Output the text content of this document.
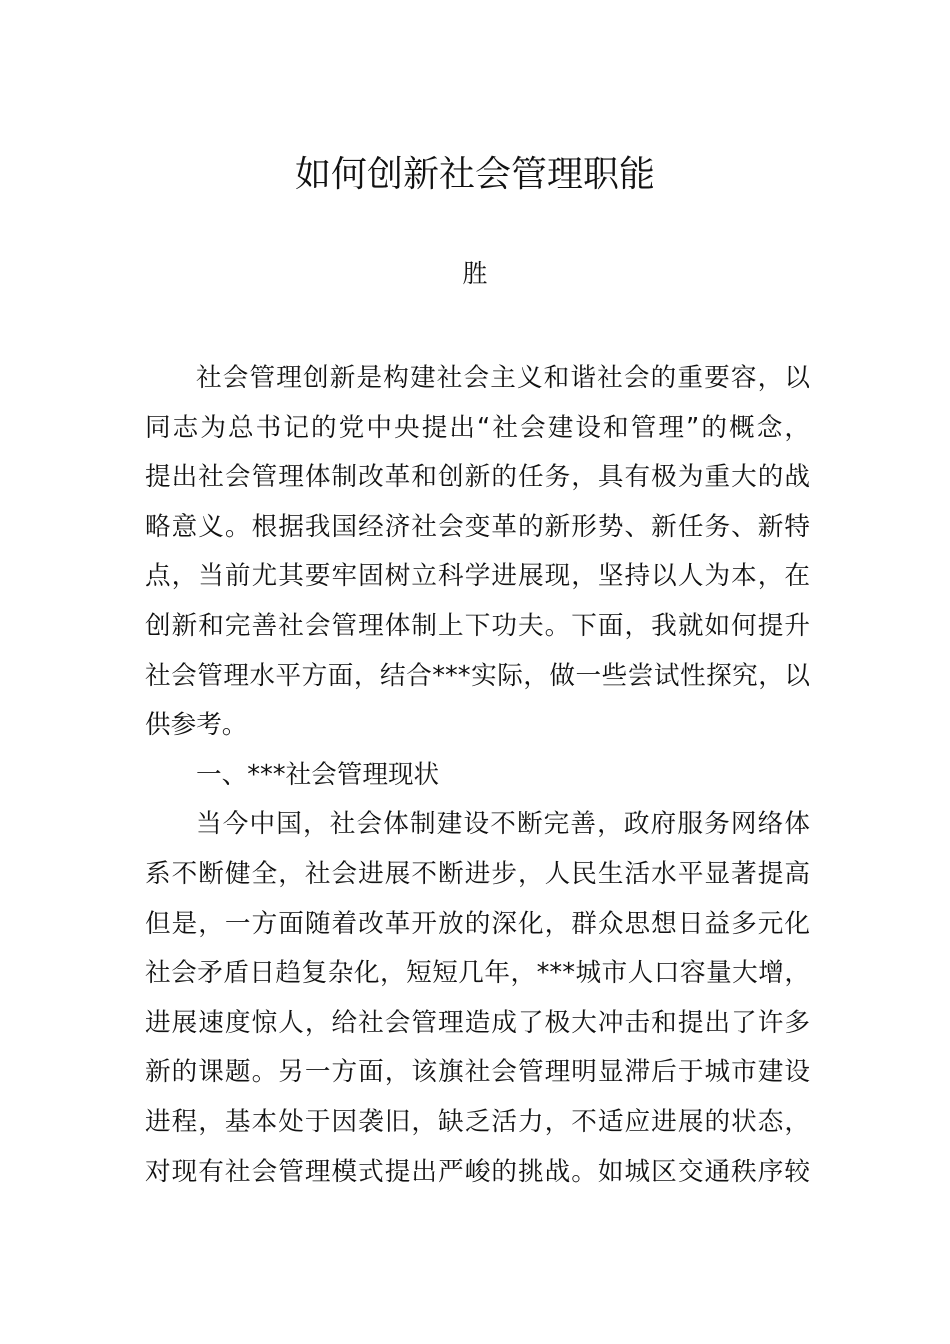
如何创新社会管理职能
胜
社会管理创新是构建社会主义和谐社会的重要容，以
同志为总书记的党中央提出“社会建设和管理”的概念，
提出社会管理体制改革和创新的任务，具有极为重大的战
略意义。根据我国经济社会变革的新形势、新任务、新特
点，当前尤其要牢固树立科学进展现，坚持以人为本，在
创新和完善社会管理体制上下功夫。下面，我就如何提升
社会管理水平方面，结合***实际，做一些尝试性探究，以
供参考。
一、***社会管理现状
当今中国，社会体制建设不断完善，政府服务网络体
系不断健全，社会进展不断进步，人民生活水平显著提高
但是，一方面随着改革开放的深化，群众思想日益多元化
社会矛盾日趋复杂化，短短几年，***城市人口容量大增，
进展速度惊人，给社会管理造成了极大冲击和提出了许多
新的课题。另一方面，该旗社会管理明显滞后于城市建设
进程，基本处于因袭旧，缺乏活力，不适应进展的状态，
对现有社会管理模式提出严峻的挑战。如城区交通秩序较
